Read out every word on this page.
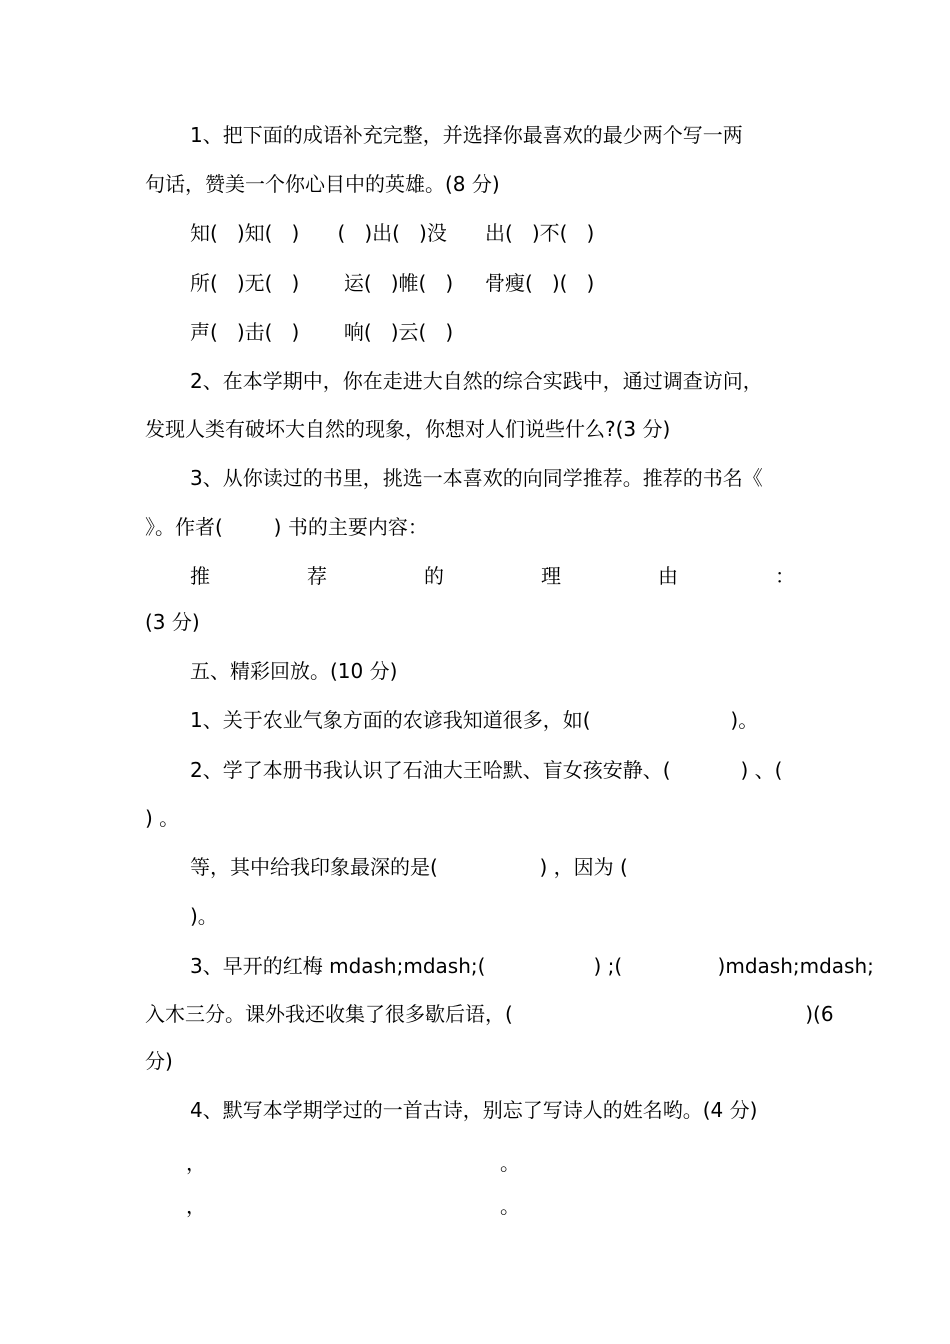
1、把下面的成语补充完整，并选择你最喜欢的最少两个写一两
句话，赞美一个你心目中的英雄。(8 分)
知(   )知(   )      (   )出(   )没      出(   )不(   )
所(   )无(   )       运(   )帷(   )     骨瘦(   )(   )
声(   )击(   )       响(   )云(   )
2、在本学期中，你在走进大自然的综合实践中，通过调查访问，
发现人类有破坏大自然的现象，你想对人们说些什么?(3 分)
3、从你读过的书里，挑选一本喜欢的向同学推荐。推荐的书名《
》。作者(        ) 书的主要内容：
推	荐	的	理	由	：
(3 分)
五、精彩回放。(10 分)
1、关于农业气象方面的农谚我知道很多，如(                      )。
2、学了本册书我认识了石油大王哈默、盲女孩安静、(           ) 、(
) 。
等，其中给我印象最深的是(                ) ，因为 (
)。
3、早开的红梅 mdash;mdash;(                 ) ;(               )mdash;mdash;
入木三分。课外我还收集了很多歇后语，(                                              )(6
分)
4、默写本学期学过的一首古诗，别忘了写诗人的姓名哟。(4 分)
，	。
，	。
